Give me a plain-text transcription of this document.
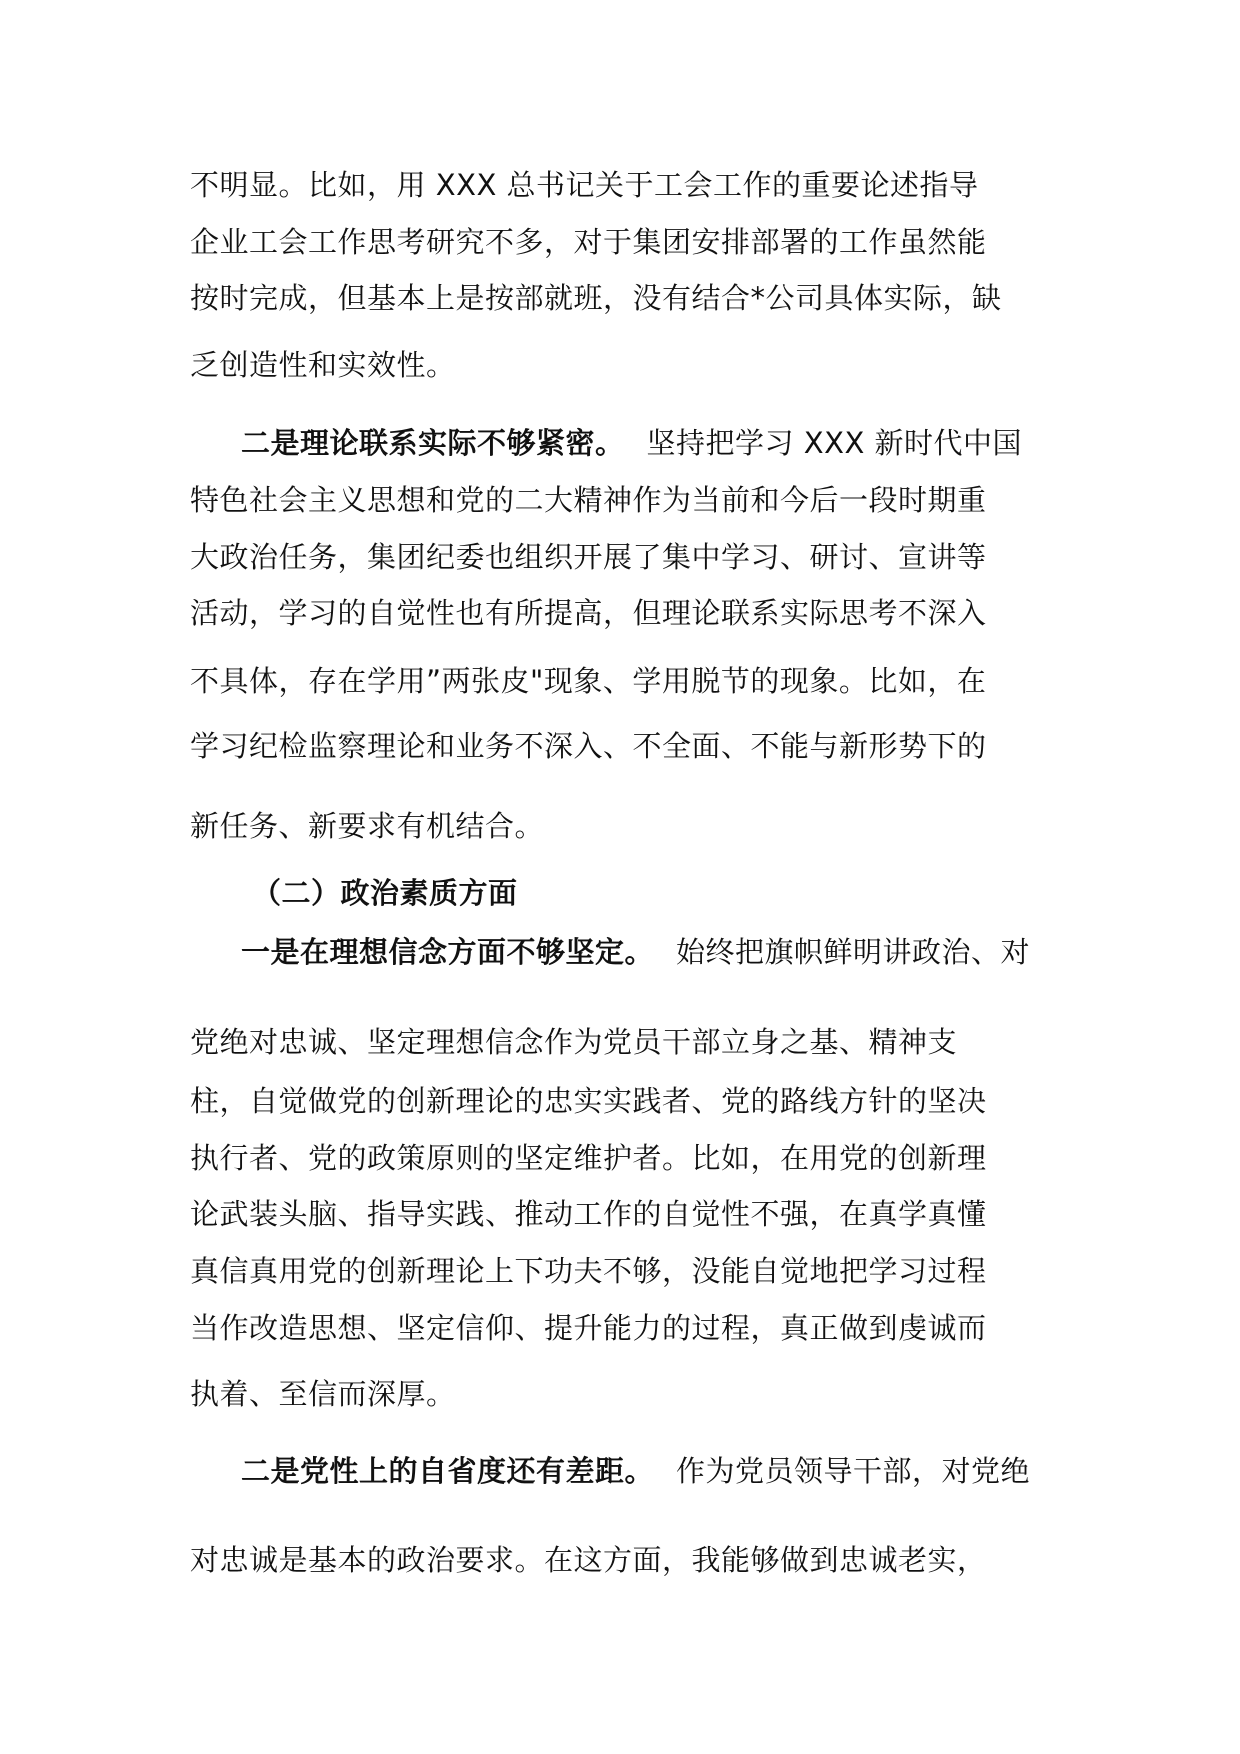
不明显。比如，用 XXX 总书记关于工会工作的重要论述指导
企业工会工作思考研究不多，对于集团安排部署的工作虽然能
按时完成，但基本上是按部就班，没有结合*公司具体实际，缺
乏创造性和实效性。
二是理论联系实际不够紧密。 坚持把学习 XXX 新时代中国
特色社会主义思想和党的二大精神作为当前和今后一段时期重
大政治任务，集团纪委也组织开展了集中学习、研讨、宣讲等
活动，学习的自觉性也有所提高，但理论联系实际思考不深入
不具体，存在学用”两张皮"现象、学用脱节的现象。比如，在
学习纪检监察理论和业务不深入、不全面、不能与新形势下的
新任务、新要求有机结合。
（二）政治素质方面
一是在理想信念方面不够坚定。 始终把旗帜鲜明讲政治、对
党绝对忠诚、坚定理想信念作为党员干部立身之基、精神支
柱，自觉做党的创新理论的忠实实践者、党的路线方针的坚决
执行者、党的政策原则的坚定维护者。比如，在用党的创新理
论武装头脑、指导实践、推动工作的自觉性不强，在真学真懂
真信真用党的创新理论上下功夫不够，没能自觉地把学习过程
当作改造思想、坚定信仰、提升能力的过程，真正做到虔诚而
执着、至信而深厚。
二是党性上的自省度还有差距。 作为党员领导干部，对党绝
对忠诚是基本的政治要求。在这方面，我能够做到忠诚老实，
